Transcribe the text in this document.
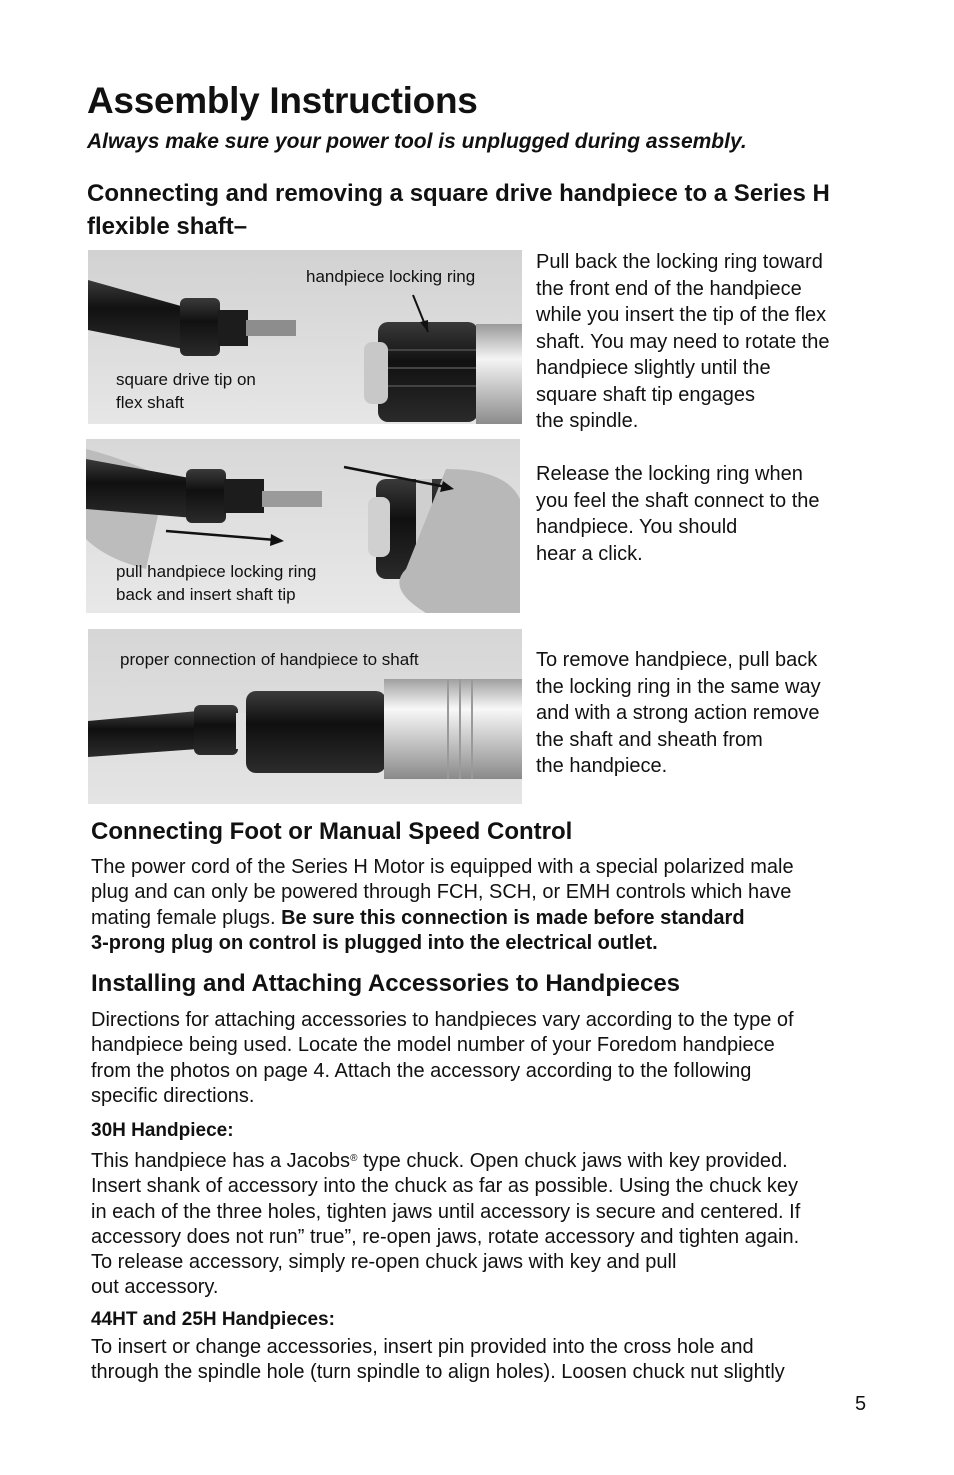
Assembly Instructions
Always make sure your power tool is unplugged during assembly.
Connecting and removing a square drive handpiece to a Series H flexible shaft–
handpiece locking ring
square drive tip on
flex shaft
Pull back the locking ring toward
the front end of the handpiece
while you insert the tip of the flex
shaft. You may need to rotate the
handpiece slightly until the
square shaft tip engages
the spindle.
pull handpiece locking ring
back and insert shaft tip
Release the locking ring when
you feel the shaft connect to the
handpiece. You should
hear a click.
proper connection of handpiece to shaft	To remove handpiece, pull back
the locking ring in the same way
and with a strong action remove
the shaft and sheath from
the handpiece.
Connecting Foot or Manual Speed Control
The power cord of the Series H Motor is equipped with a special polarized male
plug and can only be powered through FCH, SCH, or EMH controls which have
mating female plugs. Be sure this connection is made before standard
3-prong plug on control is plugged into the electrical outlet.
Installing and Attaching Accessories to Handpieces
Directions for attaching accessories to handpieces vary according to the type of
handpiece being used. Locate the model number of your Foredom handpiece
from the photos on page 4. Attach the accessory according to the following
specific directions.
30H Handpiece:
This handpiece has a Jacobs® type chuck. Open chuck jaws with key provided.
Insert shank of accessory into the chuck as far as possible. Using the chuck key
in each of the three holes, tighten jaws until accessory is secure and centered. If
accessory does not run” true”, re-open jaws, rotate accessory and tighten again.
To release accessory, simply re-open chuck jaws with key and pull
out accessory.
44HT and 25H Handpieces:
To insert or change accessories, insert pin provided into the cross hole and
through the spindle hole (turn spindle to align holes). Loosen chuck nut slightly
5
